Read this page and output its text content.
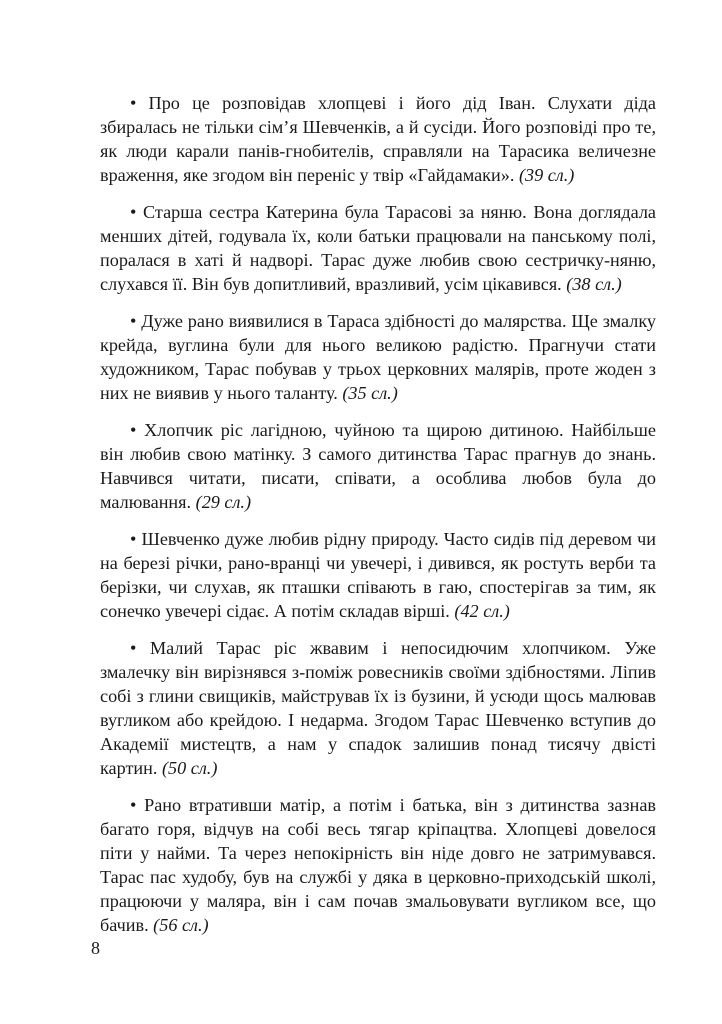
• Про це розповідав хлопцеві і його дід Іван. Слухати діда збиралась не тільки сім’я Шевченків, а й сусіди. Його розповіді про те, як люди карали панів-гнобителів, справляли на Тарасика величезне враження, яке згодом він переніс у твір «Гайдамаки». (39 сл.)

• Старша сестра Катерина була Тарасові за няню. Вона доглядала менших дітей, годувала їх, коли батьки працювали на панському полі, поралася в хаті й надворі. Тарас дуже любив свою сестричку-няню, слухався її. Він був допитливий, вразливий, усім цікавився. (38 сл.)

• Дуже рано виявилися в Тараса здібності до малярства. Ще змалку крейда, вуглина були для нього великою радістю. Прагнучи стати художником, Тарас побував у трьох церковних малярів, проте жоден з них не виявив у нього таланту. (35 сл.)

• Хлопчик ріс лагідною, чуйною та щирою дитиною. Найбільше він любив свою матінку. З самого дитинства Тарас прагнув до знань. Навчився читати, писати, співати, а особлива любов була до малювання. (29 сл.)

• Шевченко дуже любив рідну природу. Часто сидів під деревом чи на березі річки, рано-вранці чи увечері, і дивився, як ростуть верби та берізки, чи слухав, як пташки співають в гаю, спостерігав за тим, як сонечко увечері сідає. А потім складав вірші. (42 сл.)

• Малий Тарас ріс жвавим і непосидючим хлопчиком. Уже змалечку він вирізнявся з-поміж ровесників своїми здібностями. Ліпив собі з глини свищиків, майстрував їх із бузини, й усюди щось малював вугликом або крейдою. І недарма. Згодом Тарас Шевченко вступив до Академії мистецтв, а нам у спадок залишив понад тисячу двісті картин. (50 сл.)

• Рано втративши матір, а потім і батька, він з дитинства зазнав багато горя, відчув на собі весь тягар кріпацтва. Хлопцеві довелося піти у найми. Та через непокірність він ніде довго не затримувався. Тарас пас худобу, був на службі у дяка в церковно-приходській школі, працюючи у маляра, він і сам почав змальовувати вугликом все, що бачив. (56 сл.)

8
